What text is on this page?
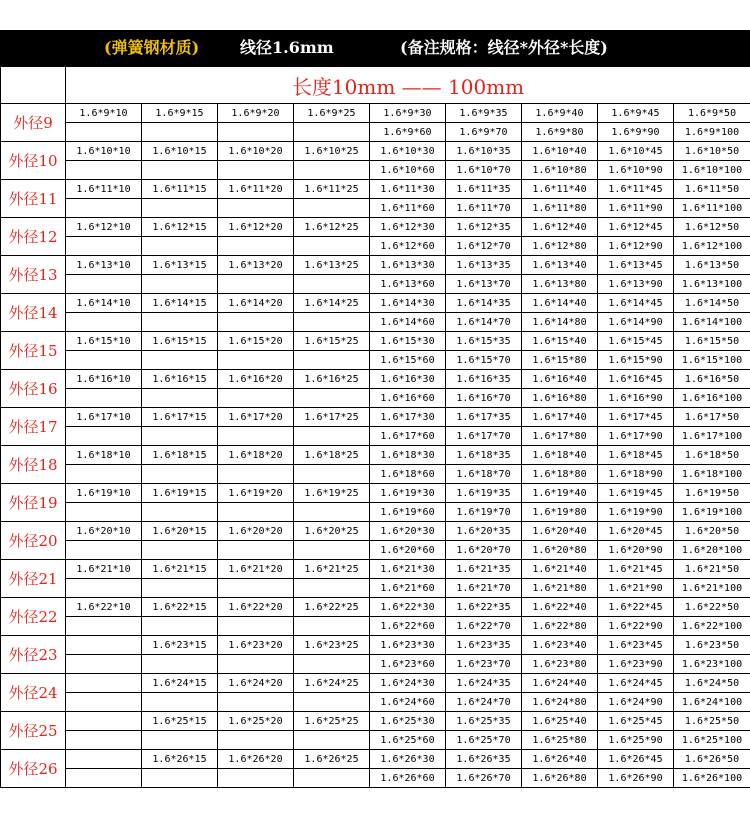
(弹簧钢材质)	线径1.6mm	(备注规格：线径*外径*长度)
	长度10mm —— 100mm								
外径9	1.6*9*10	1.6*9*15	1.6*9*20	1.6*9*25	1.6*9*30	1.6*9*35	1.6*9*40	1.6*9*45	1.6*9*50
					1.6*9*60	1.6*9*70	1.6*9*80	1.6*9*90	1.6*9*100
外径10	1.6*10*10	1.6*10*15	1.6*10*20	1.6*10*25	1.6*10*30	1.6*10*35	1.6*10*40	1.6*10*45	1.6*10*50
					1.6*10*60	1.6*10*70	1.6*10*80	1.6*10*90	1.6*10*100
外径11	1.6*11*10	1.6*11*15	1.6*11*20	1.6*11*25	1.6*11*30	1.6*11*35	1.6*11*40	1.6*11*45	1.6*11*50
					1.6*11*60	1.6*11*70	1.6*11*80	1.6*11*90	1.6*11*100
外径12	1.6*12*10	1.6*12*15	1.6*12*20	1.6*12*25	1.6*12*30	1.6*12*35	1.6*12*40	1.6*12*45	1.6*12*50
					1.6*12*60	1.6*12*70	1.6*12*80	1.6*12*90	1.6*12*100
外径13	1.6*13*10	1.6*13*15	1.6*13*20	1.6*13*25	1.6*13*30	1.6*13*35	1.6*13*40	1.6*13*45	1.6*13*50
					1.6*13*60	1.6*13*70	1.6*13*80	1.6*13*90	1.6*13*100
外径14	1.6*14*10	1.6*14*15	1.6*14*20	1.6*14*25	1.6*14*30	1.6*14*35	1.6*14*40	1.6*14*45	1.6*14*50
					1.6*14*60	1.6*14*70	1.6*14*80	1.6*14*90	1.6*14*100
外径15	1.6*15*10	1.6*15*15	1.6*15*20	1.6*15*25	1.6*15*30	1.6*15*35	1.6*15*40	1.6*15*45	1.6*15*50
					1.6*15*60	1.6*15*70	1.6*15*80	1.6*15*90	1.6*15*100
外径16	1.6*16*10	1.6*16*15	1.6*16*20	1.6*16*25	1.6*16*30	1.6*16*35	1.6*16*40	1.6*16*45	1.6*16*50
					1.6*16*60	1.6*16*70	1.6*16*80	1.6*16*90	1.6*16*100
外径17	1.6*17*10	1.6*17*15	1.6*17*20	1.6*17*25	1.6*17*30	1.6*17*35	1.6*17*40	1.6*17*45	1.6*17*50
					1.6*17*60	1.6*17*70	1.6*17*80	1.6*17*90	1.6*17*100
外径18	1.6*18*10	1.6*18*15	1.6*18*20	1.6*18*25	1.6*18*30	1.6*18*35	1.6*18*40	1.6*18*45	1.6*18*50
					1.6*18*60	1.6*18*70	1.6*18*80	1.6*18*90	1.6*18*100
外径19	1.6*19*10	1.6*19*15	1.6*19*20	1.6*19*25	1.6*19*30	1.6*19*35	1.6*19*40	1.6*19*45	1.6*19*50
					1.6*19*60	1.6*19*70	1.6*19*80	1.6*19*90	1.6*19*100
外径20	1.6*20*10	1.6*20*15	1.6*20*20	1.6*20*25	1.6*20*30	1.6*20*35	1.6*20*40	1.6*20*45	1.6*20*50
					1.6*20*60	1.6*20*70	1.6*20*80	1.6*20*90	1.6*20*100
外径21	1.6*21*10	1.6*21*15	1.6*21*20	1.6*21*25	1.6*21*30	1.6*21*35	1.6*21*40	1.6*21*45	1.6*21*50
					1.6*21*60	1.6*21*70	1.6*21*80	1.6*21*90	1.6*21*100
外径22	1.6*22*10	1.6*22*15	1.6*22*20	1.6*22*25	1.6*22*30	1.6*22*35	1.6*22*40	1.6*22*45	1.6*22*50
					1.6*22*60	1.6*22*70	1.6*22*80	1.6*22*90	1.6*22*100
外径23		1.6*23*15	1.6*23*20	1.6*23*25	1.6*23*30	1.6*23*35	1.6*23*40	1.6*23*45	1.6*23*50
					1.6*23*60	1.6*23*70	1.6*23*80	1.6*23*90	1.6*23*100
外径24		1.6*24*15	1.6*24*20	1.6*24*25	1.6*24*30	1.6*24*35	1.6*24*40	1.6*24*45	1.6*24*50
					1.6*24*60	1.6*24*70	1.6*24*80	1.6*24*90	1.6*24*100
外径25		1.6*25*15	1.6*25*20	1.6*25*25	1.6*25*30	1.6*25*35	1.6*25*40	1.6*25*45	1.6*25*50
					1.6*25*60	1.6*25*70	1.6*25*80	1.6*25*90	1.6*25*100
外径26		1.6*26*15	1.6*26*20	1.6*26*25	1.6*26*30	1.6*26*35	1.6*26*40	1.6*26*45	1.6*26*50
					1.6*26*60	1.6*26*70	1.6*26*80	1.6*26*90	1.6*26*100
